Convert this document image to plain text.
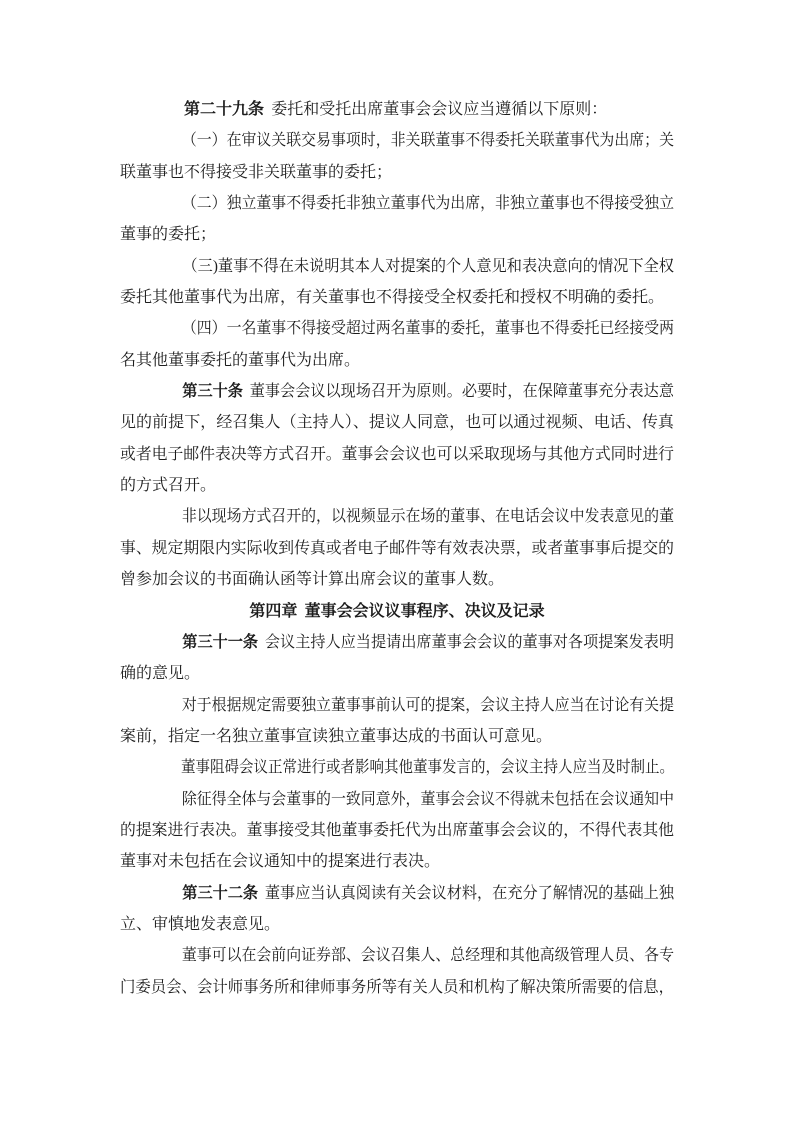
第二十九条 委托和受托出席董事会会议应当遵循以下原则：
（一）在审议关联交易事项时，非关联董事不得委托关联董事代为出席；关
联董事也不得接受非关联董事的委托；
（二）独立董事不得委托非独立董事代为出席，非独立董事也不得接受独立
董事的委托；
（三)董事不得在未说明其本人对提案的个人意见和表决意向的情况下全权
委托其他董事代为出席，有关董事也不得接受全权委托和授权不明确的委托。
（四）一名董事不得接受超过两名董事的委托，董事也不得委托已经接受两
名其他董事委托的董事代为出席。
第三十条 董事会会议以现场召开为原则。必要时，在保障董事充分表达意
见的前提下，经召集人（主持人）、提议人同意，也可以通过视频、电话、传真
或者电子邮件表决等方式召开。董事会会议也可以采取现场与其他方式同时进行
的方式召开。
非以现场方式召开的，以视频显示在场的董事、在电话会议中发表意见的董
事、规定期限内实际收到传真或者电子邮件等有效表决票，或者董事事后提交的
曾参加会议的书面确认函等计算出席会议的董事人数。
第四章 董事会会议议事程序、决议及记录
第三十一条 会议主持人应当提请出席董事会会议的董事对各项提案发表明
确的意见。
对于根据规定需要独立董事事前认可的提案，会议主持人应当在讨论有关提
案前，指定一名独立董事宣读独立董事达成的书面认可意见。
董事阻碍会议正常进行或者影响其他董事发言的，会议主持人应当及时制止。
除征得全体与会董事的一致同意外，董事会会议不得就未包括在会议通知中
的提案进行表决。董事接受其他董事委托代为出席董事会会议的，不得代表其他
董事对未包括在会议通知中的提案进行表决。
第三十二条 董事应当认真阅读有关会议材料，在充分了解情况的基础上独
立、审慎地发表意见。
董事可以在会前向证券部、会议召集人、总经理和其他高级管理人员、各专
门委员会、会计师事务所和律师事务所等有关人员和机构了解决策所需要的信息，
